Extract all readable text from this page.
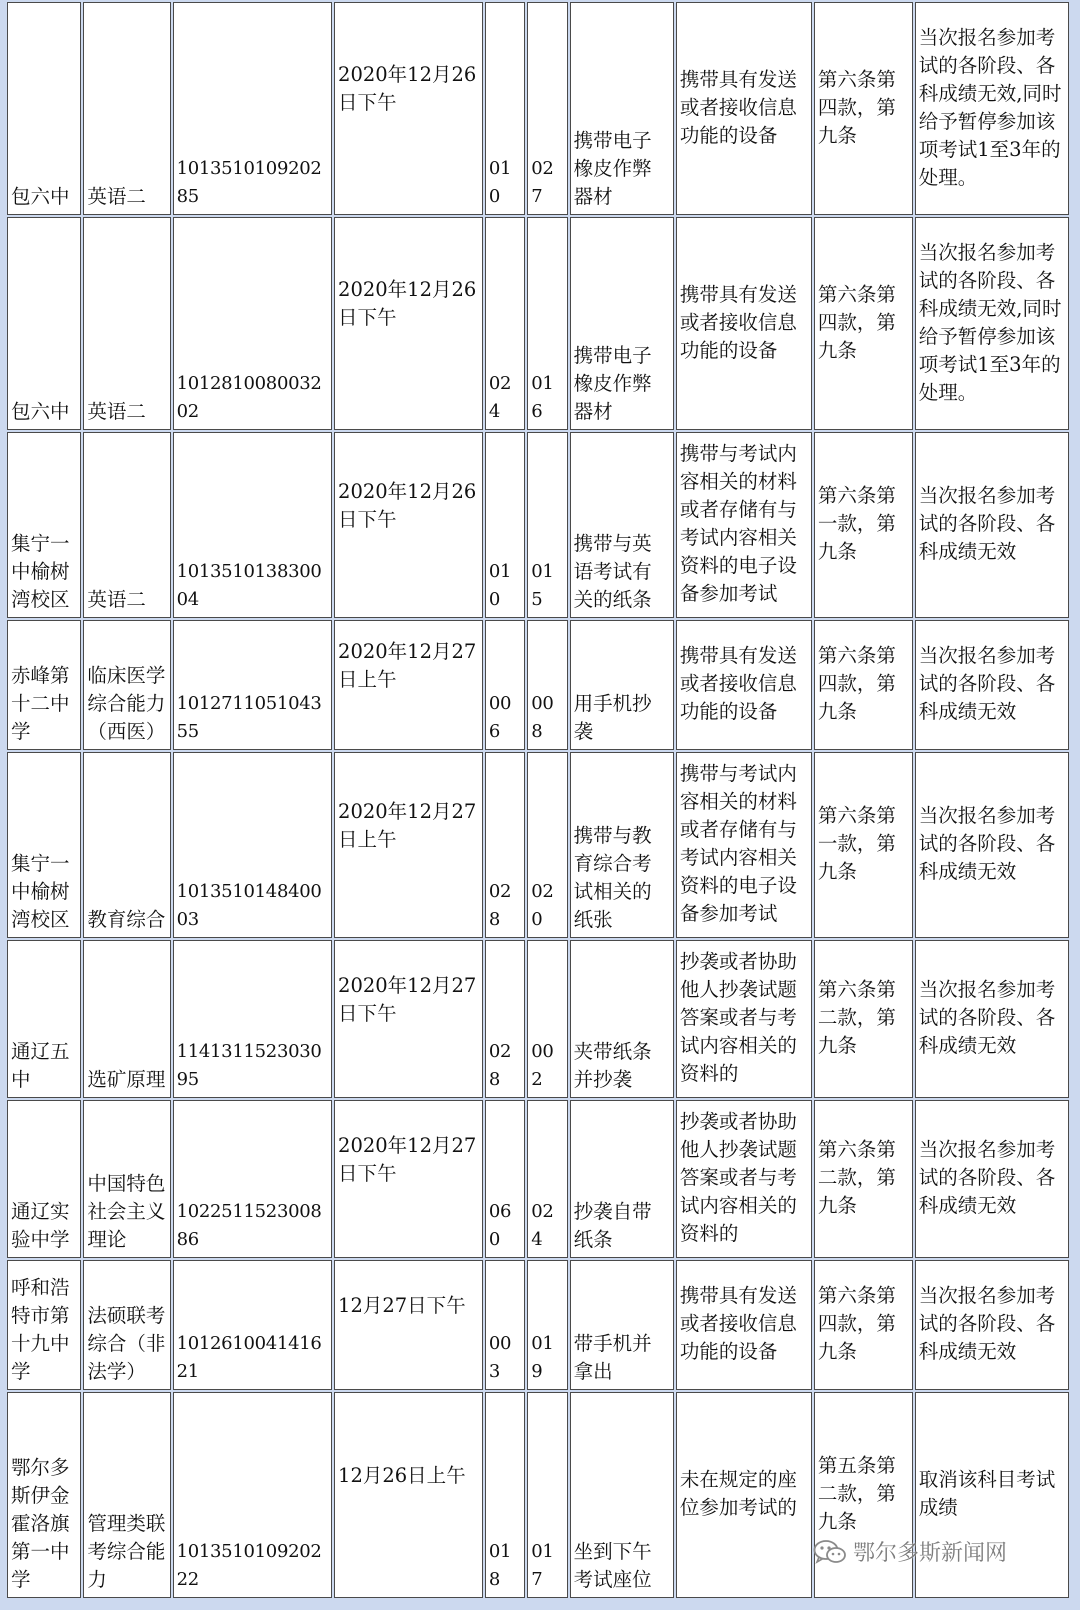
包六中	英语二	101351010920285	2020年12月26日下午	010	027	携带电子橡皮作弊器材	携带具有发送或者接收信息功能的设备	第六条第四款，第九条	当次报名参加考试的各阶段、各科成绩无效,同时给予暂停参加该项考试1至3年的处理。
包六中	英语二	101281008003202	2020年12月26日下午	024	016	携带电子橡皮作弊器材	携带具有发送或者接收信息功能的设备	第六条第四款，第九条	当次报名参加考试的各阶段、各科成绩无效,同时给予暂停参加该项考试1至3年的处理。
集宁一中榆树湾校区	英语二	101351013830004	2020年12月26日下午	010	015	携带与英语考试有关的纸条	携带与考试内容相关的材料或者存储有与考试内容相关资料的电子设备参加考试	第六条第一款，第九条	当次报名参加考试的各阶段、各科成绩无效
赤峰第十二中学	临床医学综合能力（西医）	101271105104355	2020年12月27日上午	006	008	用手机抄袭	携带具有发送或者接收信息功能的设备	第六条第四款，第九条	当次报名参加考试的各阶段、各科成绩无效
集宁一中榆树湾校区	教育综合	101351014840003	2020年12月27日上午	028	020	携带与教育综合考试相关的纸张	携带与考试内容相关的材料或者存储有与考试内容相关资料的电子设备参加考试	第六条第一款，第九条	当次报名参加考试的各阶段、各科成绩无效
通辽五中	选矿原理	114131152303095	2020年12月27日下午	028	002	夹带纸条并抄袭	抄袭或者协助他人抄袭试题答案或者与考试内容相关的资料的	第六条第二款，第九条	当次报名参加考试的各阶段、各科成绩无效
通辽实验中学	中国特色社会主义理论	102251152300886	2020年12月27日下午	060	024	抄袭自带纸条	抄袭或者协助他人抄袭试题答案或者与考试内容相关的资料的	第六条第二款，第九条	当次报名参加考试的各阶段、各科成绩无效
呼和浩特市第十九中学	法硕联考综合（非法学）	101261004141621	12月27日下午	003	019	带手机并拿出	携带具有发送或者接收信息功能的设备	第六条第四款，第九条	当次报名参加考试的各阶段、各科成绩无效
鄂尔多斯伊金霍洛旗第一中学	管理类联考综合能力	101351010920222	12月26日上午	018	017	坐到下午考试座位	未在规定的座位参加考试的	第五条第二款，第九条	取消该科目考试成绩
鄂尔多斯新闻网
